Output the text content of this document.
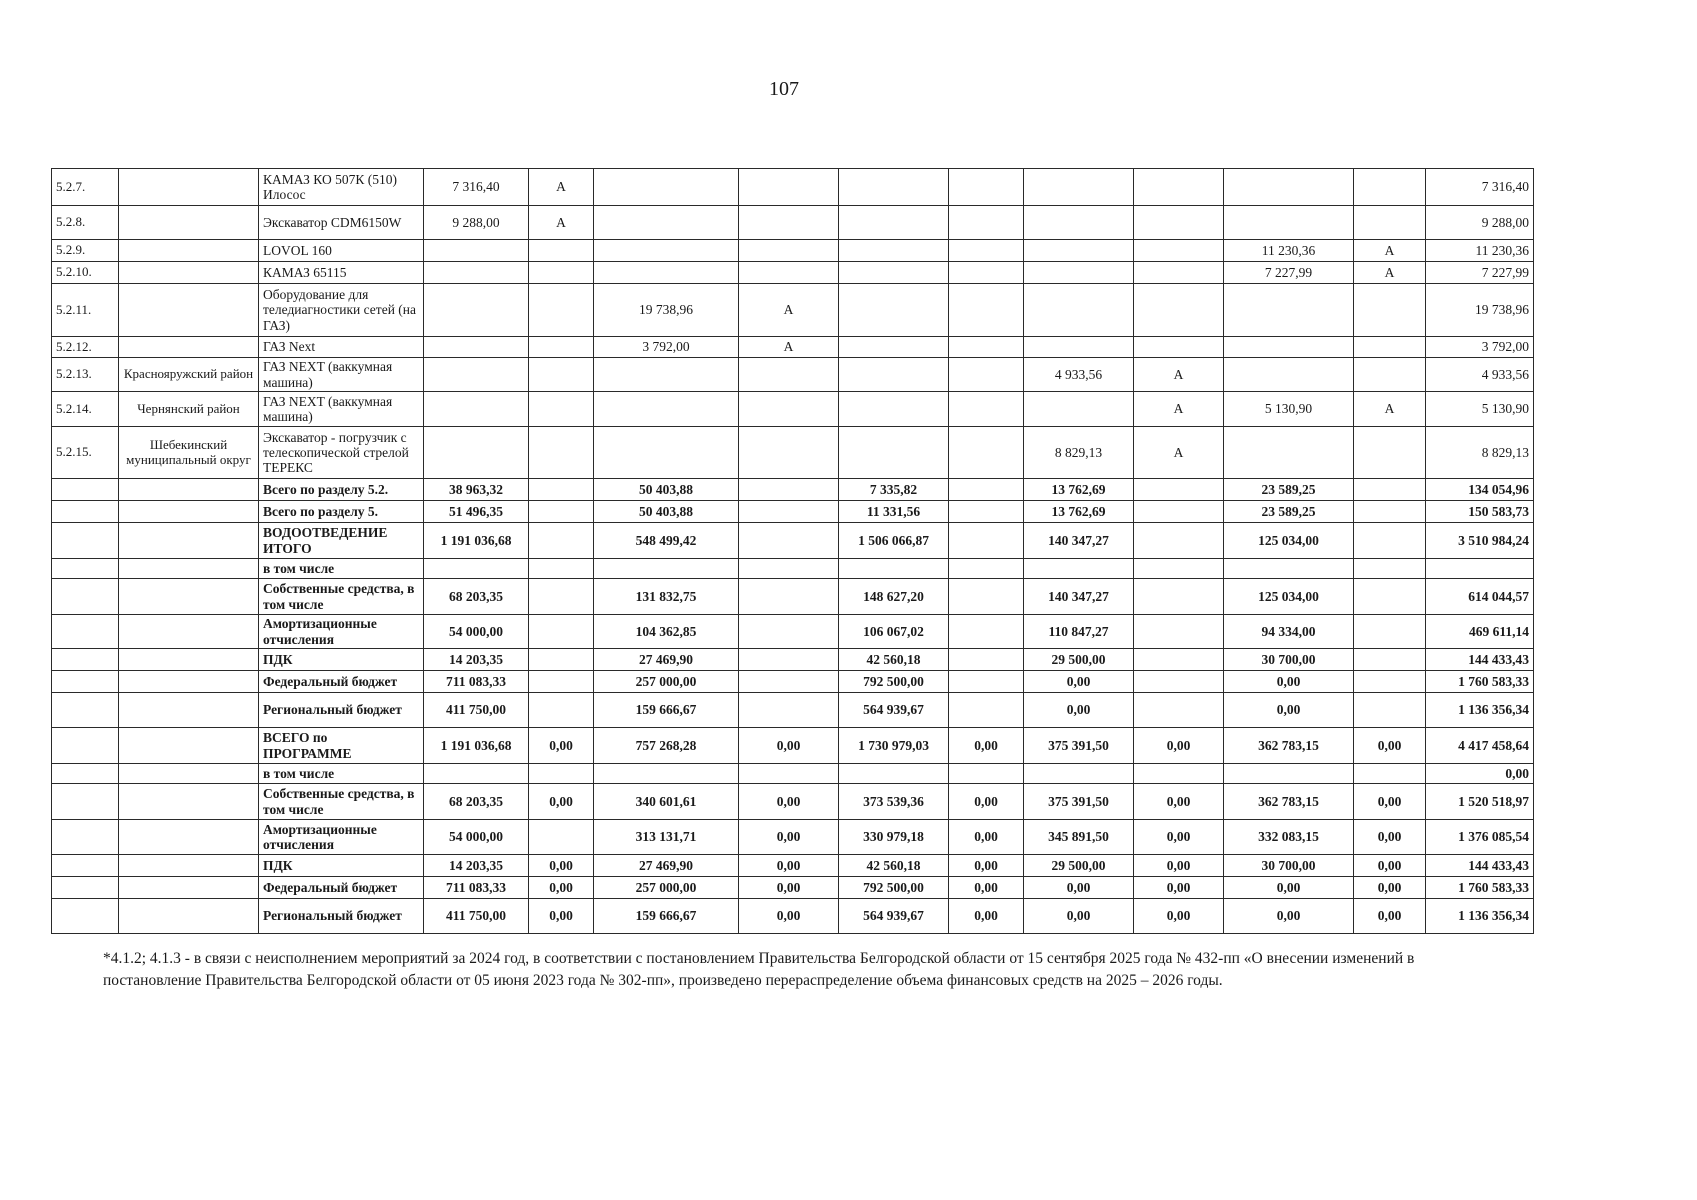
107
5.2.7.		КАМАЗ КО 507К (510) Илосос	7 316,40	А									7 316,40
5.2.8.		Экскаватор CDM6150W	9 288,00	А									9 288,00
5.2.9.		LOVOL 160									11 230,36	А	11 230,36
5.2.10.		КАМАЗ 65115									7 227,99	А	7 227,99
5.2.11.		Оборудование для теледиагностики сетей (на ГАЗ)			19 738,96	А							19 738,96
5.2.12.		ГАЗ Next			3 792,00	А							3 792,00
5.2.13.	Краснояружский район	ГАЗ NEXT (ваккумная машина)							4 933,56	А			4 933,56
5.2.14.	Чернянский район	ГАЗ NEXT (ваккумная машина)								А	5 130,90	А	5 130,90
5.2.15.	Шебекинский муниципальный округ	Экскаватор - погрузчик с телескопической стрелой ТЕРЕКС							8 829,13	А			8 829,13
		Всего по разделу 5.2.	38 963,32		50 403,88		7 335,82		13 762,69		23 589,25		134 054,96
		Всего по разделу 5.	51 496,35		50 403,88		11 331,56		13 762,69		23 589,25		150 583,73
		ВОДООТВЕДЕНИЕ ИТОГО	1 191 036,68		548 499,42		1 506 066,87		140 347,27		125 034,00		3 510 984,24
		в том числе											
		Собственные средства, в том числе	68 203,35		131 832,75		148 627,20		140 347,27		125 034,00		614 044,57
		Амортизационные отчисления	54 000,00		104 362,85		106 067,02		110 847,27		94 334,00		469 611,14
		ПДК	14 203,35		27 469,90		42 560,18		29 500,00		30 700,00		144 433,43
		Федеральный бюджет	711 083,33		257 000,00		792 500,00		0,00		0,00		1 760 583,33
		Региональный бюджет	411 750,00		159 666,67		564 939,67		0,00		0,00		1 136 356,34
		ВСЕГО по ПРОГРАММЕ	1 191 036,68	0,00	757 268,28	0,00	1 730 979,03	0,00	375 391,50	0,00	362 783,15	0,00	4 417 458,64
		в том числе											0,00
		Собственные средства, в том числе	68 203,35	0,00	340 601,61	0,00	373 539,36	0,00	375 391,50	0,00	362 783,15	0,00	1 520 518,97
		Амортизационные отчисления	54 000,00		313 131,71	0,00	330 979,18	0,00	345 891,50	0,00	332 083,15	0,00	1 376 085,54
		ПДК	14 203,35	0,00	27 469,90	0,00	42 560,18	0,00	29 500,00	0,00	30 700,00	0,00	144 433,43
		Федеральный бюджет	711 083,33	0,00	257 000,00	0,00	792 500,00	0,00	0,00	0,00	0,00	0,00	1 760 583,33
		Региональный бюджет	411 750,00	0,00	159 666,67	0,00	564 939,67	0,00	0,00	0,00	0,00	0,00	1 136 356,34
*4.1.2; 4.1.3 - в связи с неисполнением мероприятий за 2024 год, в соответствии с постановлением Правительства Белгородской области от 15 сентября 2025 года № 432-пп «О внесении изменений в постановление Правительства Белгородской области от 05 июня 2023 года № 302-пп», произведено перераспределение объема финансовых средств на 2025 – 2026 годы.
